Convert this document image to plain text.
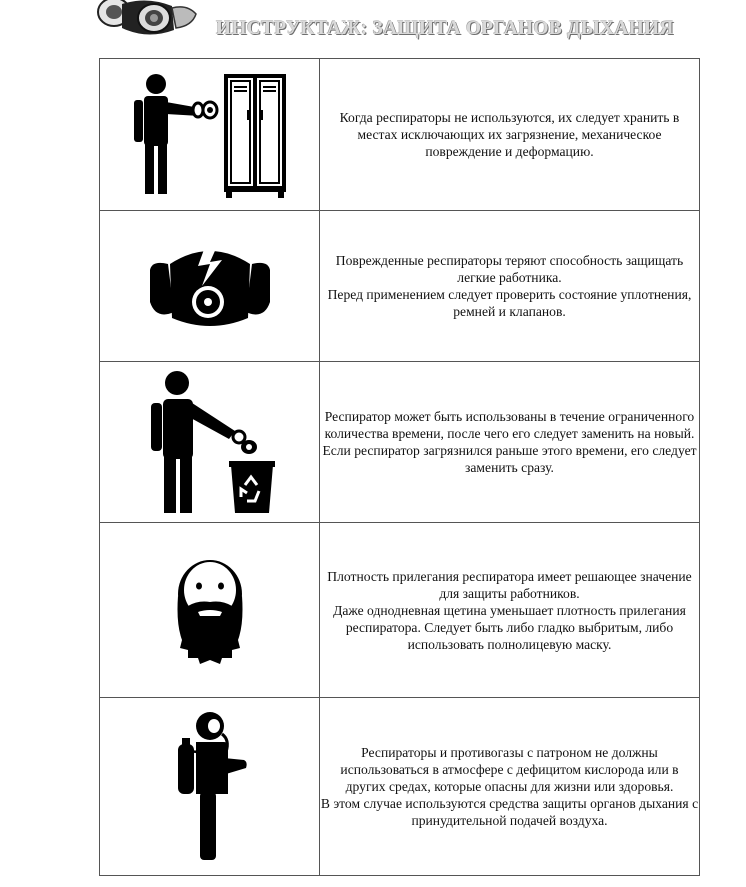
ИНСТРУКТАЖ: ЗАЩИТА ОРГАНОВ ДЫХАНИЯ

Когда респираторы не используются, их следует хранить в местах исключающих их загрязнение, механическое повреждение и деформацию.

Поврежденные респираторы теряют способность защищать легкие работника.
Перед применением следует проверить состояние уплотнения, ремней и клапанов.

Респиратор может быть использованы в течение ограниченного количества времени, после чего его следует заменить на новый.
Если респиратор загрязнился раньше этого времени, его следует заменить сразу.

Плотность прилегания респиратора имеет решающее значение для защиты работников.
Даже однодневная щетина уменьшает плотность прилегания респиратора. Следует быть либо гладко выбритым, либо использовать полнолицевую маску.

Респираторы и противогазы с патроном не должны использоваться в атмосфере с дефицитом кислорода или в других средах, которые опасны для жизни или здоровья.
В этом случае используются средства защиты органов дыхания с принудительной подачей воздуха.
